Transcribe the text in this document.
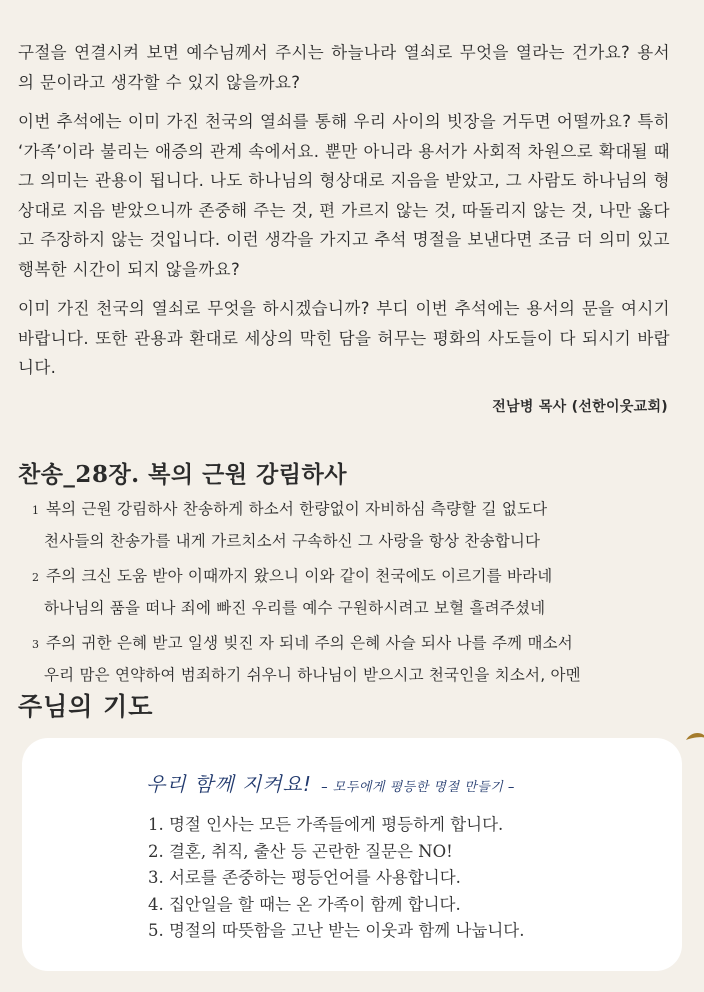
구절을 연결시켜 보면 예수님께서 주시는 하늘나라 열쇠로 무엇을 열라는 건가요? 용서의 문이라고 생각할 수 있지 않을까요?

이번 추석에는 이미 가진 천국의 열쇠를 통해 우리 사이의 빗장을 거두면 어떨까요? 특히 ‘가족’이라 불리는 애증의 관계 속에서요. 뿐만 아니라 용서가 사회적 차원으로 확대될 때 그 의미는 관용이 됩니다. 나도 하나님의 형상대로 지음을 받았고, 그 사람도 하나님의 형상대로 지음 받았으니까 존중해 주는 것, 편 가르지 않는 것, 따돌리지 않는 것, 나만 옳다고 주장하지 않는 것입니다. 이런 생각을 가지고 추석 명절을 보낸다면 조금 더 의미 있고 행복한 시간이 되지 않을까요?

이미 가진 천국의 열쇠로 무엇을 하시겠습니까? 부디 이번 추석에는 용서의 문을 여시기 바랍니다. 또한 관용과 환대로 세상의 막힌 담을 허무는 평화의 사도들이 다 되시기 바랍니다.

전남병 목사 (선한이웃교회)
찬송_28장. 복의 근원 강림하사
1 복의 근원 강림하사 찬송하게 하소서 한량없이 자비하심 측량할 길 없도다
천사들의 찬송가를 내게 가르치소서 구속하신 그 사랑을 항상 찬송합니다
2 주의 크신 도움 받아 이때까지 왔으니 이와 같이 천국에도 이르기를 바라네
하나님의 품을 떠나 죄에 빠진 우리를 예수 구원하시려고 보혈 흘려주셨네
3 주의 귀한 은혜 받고 일생 빚진 자 되네 주의 은혜 사슬 되사 나를 주께 매소서
우리 맘은 연약하여 범죄하기 쉬우니 하나님이 받으시고 천국인을 치소서, 아멘
주님의 기도
우리 함께 지켜요! – 모두에게 평등한 명절 만들기 –
1. 명절 인사는 모든 가족들에게 평등하게 합니다.
2. 결혼, 취직, 출산 등 곤란한 질문은 NO!
3. 서로를 존중하는 평등언어를 사용합니다.
4. 집안일을 할 때는 온 가족이 함께 합니다.
5. 명절의 따뜻함을 고난 받는 이웃과 함께 나눕니다.
